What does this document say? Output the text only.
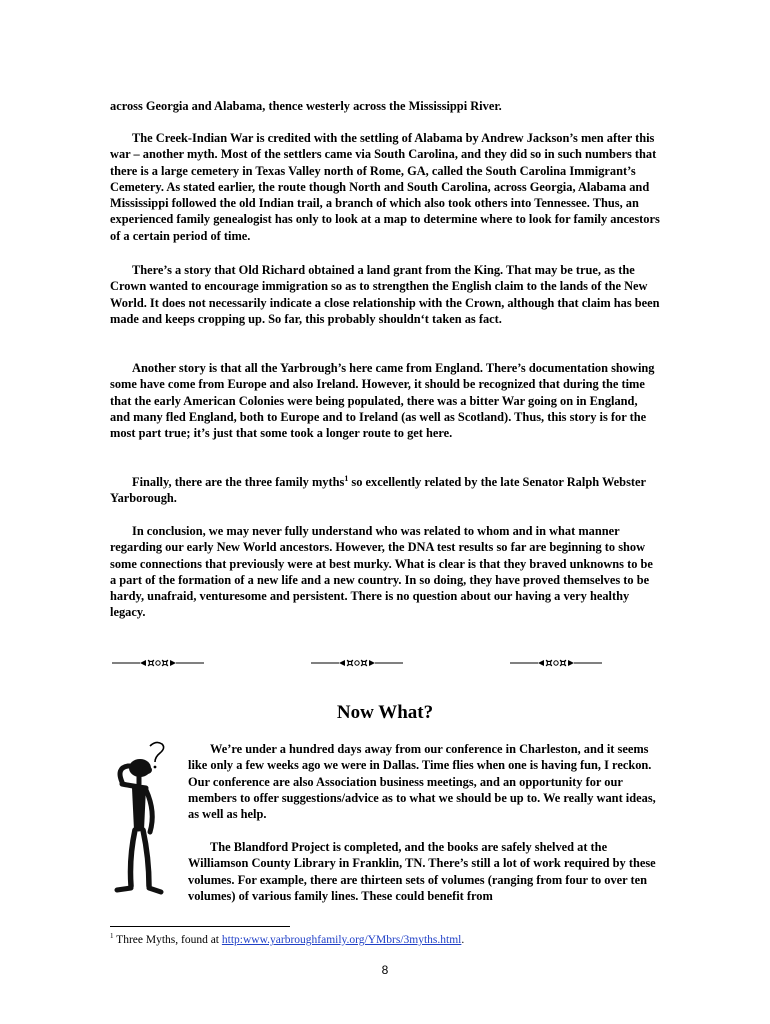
across Georgia and Alabama, thence westerly across the Mississippi River.

The Creek-Indian War is credited with the settling of Alabama by Andrew Jackson’s men after this war – another myth. Most of the settlers came via South Carolina, and they did so in such numbers that there is a large cemetery in Texas Valley north of Rome, GA, called the South Carolina Immigrant’s Cemetery. As stated earlier, the route though North and South Carolina, across Georgia, Alabama and Mississippi followed the old Indian trail, a branch of which also took others into Tennessee. Thus, an experienced family genealogist has only to look at a map to determine where to look for family ancestors of a certain period of time.

There’s a story that Old Richard obtained a land grant from the King. That may be true, as the Crown wanted to encourage immigration so as to strengthen the English claim to the lands of the New World. It does not necessarily indicate a close relationship with the Crown, although that claim has been made and keeps cropping up. So far, this probably shouldn‘t taken as fact.

Another story is that all the Yarbrough’s here came from England. There’s documentation showing some have come from Europe and also Ireland. However, it should be recognized that during the time that the early American Colonies were being populated, there was a bitter War going on in England, and many fled England, both to Europe and to Ireland (as well as Scotland). Thus, this story is for the most part true; it’s just that some took a longer route to get here.

Finally, there are the three family myths$^1$ so excellently related by the late Senator Ralph Webster Yarborough.

In conclusion, we may never fully understand who was related to whom and in what manner regarding our early New World ancestors. However, the DNA test results so far are beginning to show some connections that previously were at best murky. What is clear is that they braved unknowns to be a part of the formation of a new life and a new country. In so doing, they have proved themselves to be hardy, unafraid, venturesome and persistent. There is no question about our having a very healthy legacy.

Now What?

We’re under a hundred days away from our conference in Charleston, and it seems like only a few weeks ago we were in Dallas. Time flies when one is having fun, I reckon. Our conference are also Association business meetings, and an opportunity for our members to offer suggestions/advice as to what we should be up to. We really want ideas, as well as help.

The Blandford Project is completed, and the books are safely shelved at the Williamson County Library in Franklin, TN. There’s still a lot of work required by these volumes. For example, there are thirteen sets of volumes (ranging from four to over ten volumes) of various family lines. These could benefit from

$^1$ Three Myths, found at http:www.yarbroughfamily.org/YMbrs/3myths.html.

8
